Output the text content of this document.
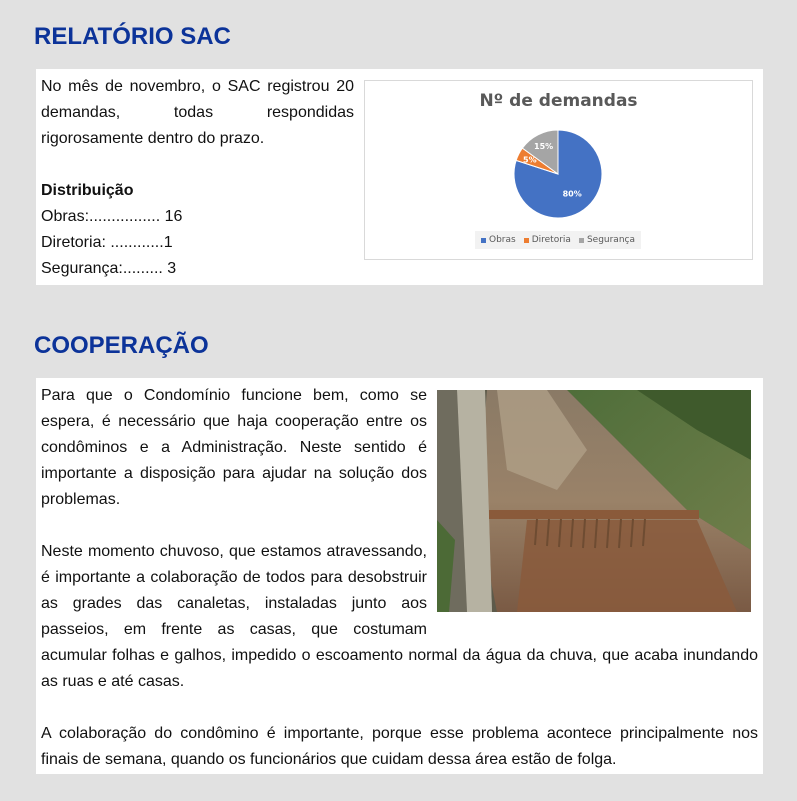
RELATÓRIO SAC

No mês de novembro, o SAC registrou 20 demandas, todas respondidas rigorosamente dentro do prazo.

Distribuição
Obras:................ 16
Diretoria: ............1
Segurança:......... 3
Nº de demandas
80%
5%
15%
Obras Diretoria Segurança
COOPERAÇÃO

Para que o Condomínio funcione bem, como se espera, é necessário que haja cooperação entre os condôminos e a Administração. Neste sentido é importante a disposição para ajudar na solução dos problemas.

Neste momento chuvoso, que estamos atravessando, é importante a colaboração de todos para desobstruir as grades das canaletas, instaladas junto aos passeios, em frente as casas, que costumam acumular folhas e galhos, impedido o escoamento normal da água da chuva, que acaba inundando as ruas e até casas.

A colaboração do condômino é importante, porque esse problema acontece principalmente nos finais de semana, quando os funcionários que cuidam dessa área estão de folga.
